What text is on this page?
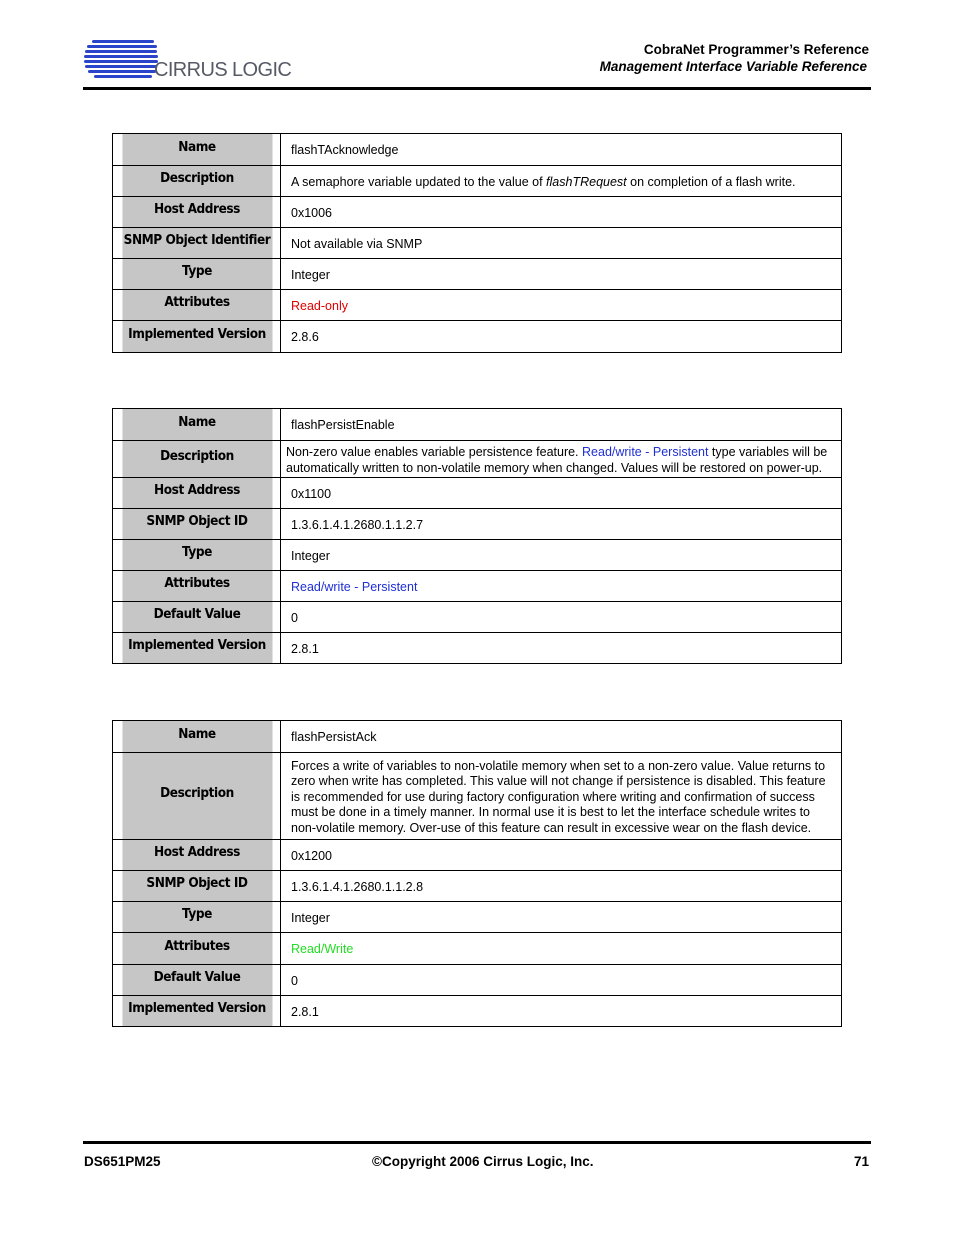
CIRRUS LOGIC
CobraNet Programmer’s Reference
Management Interface Variable Reference
Name	flashTAcknowledge
Description	A semaphore variable updated to the value of flashTRequest on completion of a flash write.
Host Address	0x1006
SNMP Object Identifier	Not available via SNMP
Type	Integer
Attributes	Read-only
Implemented Version	2.8.6
Name	flashPersistEnable
Description	Non-zero value enables variable persistence feature. Read/write - Persistent type variables will be automatically written to non-volatile memory when changed. Values will be restored on power-up.
Host Address	0x1100
SNMP Object ID	1.3.6.1.4.1.2680.1.1.2.7
Type	Integer
Attributes	Read/write - Persistent
Default Value	0
Implemented Version	2.8.1
Name	flashPersistAck
Description	Forces a write of variables to non-volatile memory when set to a non-zero value. Value returns to zero when write has completed. This value will not change if persistence is disabled. This feature is recommended for use during factory configuration where writing and confirmation of success must be done in a timely manner. In normal use it is best to let the interface schedule writes to non-volatile memory. Over-use of this feature can result in excessive wear on the flash device.
Host Address	0x1200
SNMP Object ID	1.3.6.1.4.1.2680.1.1.2.8
Type	Integer
Attributes	Read/Write
Default Value	0
Implemented Version	2.8.1
DS651PM25	©Copyright 2006 Cirrus Logic, Inc.	71
